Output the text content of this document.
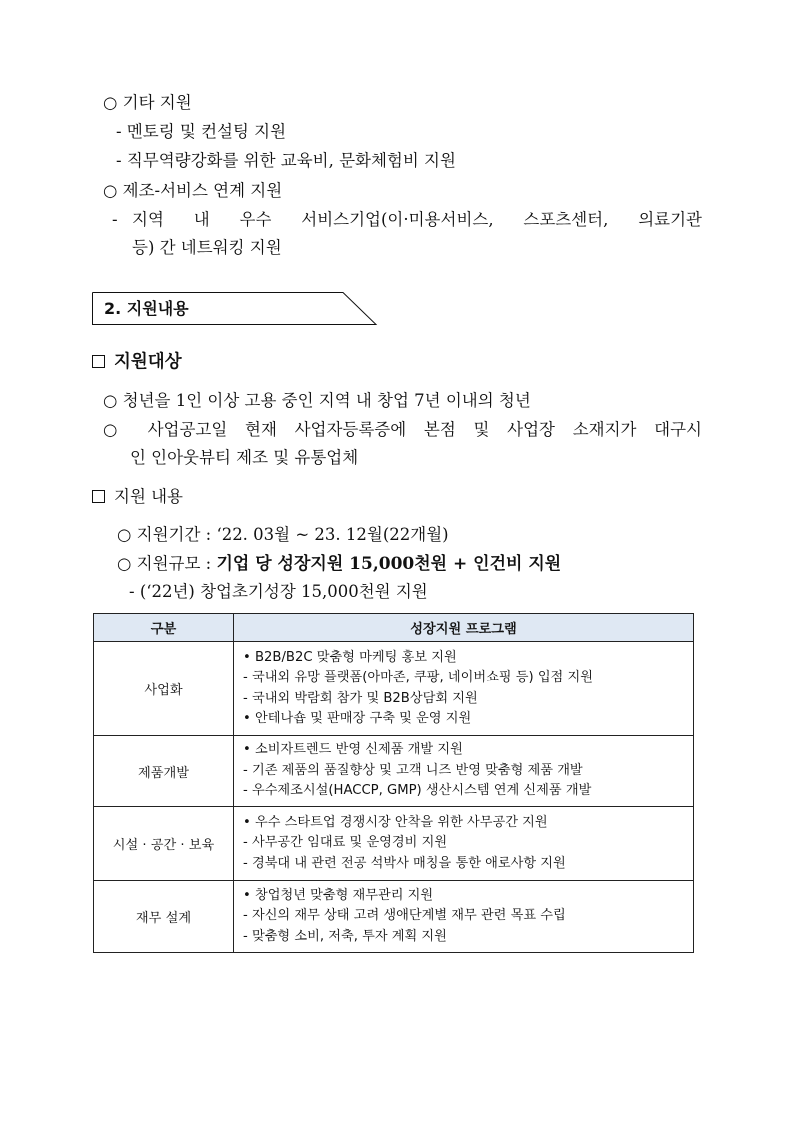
○ 기타 지원
- 멘토링 및 컨설팅 지원
- 직무역량강화를 위한 교육비, 문화체험비 지원
○ 제조-서비스 연계 지원
- 지역 내 우수 서비스기업(이·미용서비스, 스포츠센터, 의료기관
등) 간 네트워킹 지원
2. 지원내용
지원대상
○ 청년을 1인 이상 고용 중인 지역 내 창업 7년 이내의 청년
○ 사업공고일 현재 사업자등록증에 본점 및 사업장 소재지가 대구시
인 인아웃뷰티 제조 및 유통업체
지원 내용
○ 지원기간 : ‘22. 03월 ~ 23. 12월(22개월)
○ 지원규모 : 기업 당 성장지원 15,000천원 + 인건비 지원
- (‘22년) 창업초기성장 15,000천원 지원
구분	성장지원 프로그램
사업화	• B2B/B2C 맞춤형 마케팅 홍보 지원
- 국내외 유망 플랫폼(아마존, 쿠팡, 네이버쇼핑 등) 입점 지원
- 국내외 박람회 참가 및 B2B상담회 지원
• 안테나숍 및 판매장 구축 및 운영 지원

제품개발	• 소비자트렌드 반영 신제품 개발 지원
- 기존 제품의 품질향상 및 고객 니즈 반영 맞춤형 제품 개발
- 우수제조시설(HACCP, GMP) 생산시스템 연계 신제품 개발

시설 · 공간 · 보육	• 우수 스타트업 경쟁시장 안착을 위한 사무공간 지원
- 사무공간 임대료 및 운영경비 지원
- 경북대 내 관련 전공 석박사 매칭을 통한 애로사항 지원

재무 설계	• 창업청년 맞춤형 재무관리 지원
- 자신의 재무 상태 고려 생애단계별 재무 관련 목표 수립
- 맞춤형 소비, 저축, 투자 계획 지원
